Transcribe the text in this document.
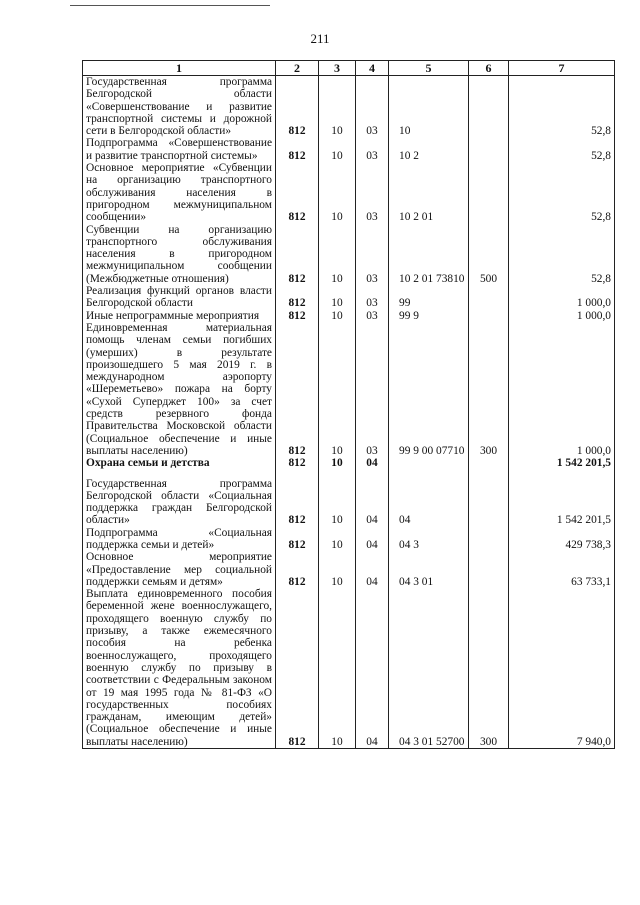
211
1	2	3	4	5	6	7
Государственная программа Белгородской области «Совершенствование и развитие транспортной системы и дорожной сети в Белгородской области»	812	10	03	10		52,8
Подпрограмма «Совершенствование и развитие транспортной системы»	812	10	03	10 2		52,8
Основное мероприятие «Субвенции на организацию транспортного обслуживания населения в пригородном межмуниципальном сообщении»	812	10	03	10 2 01		52,8
Субвенции на организацию транспортного обслуживания населения в пригородном межмуниципальном сообщении (Межбюджетные отношения)	812	10	03	10 2 01 73810	500	52,8
Реализация функций органов власти Белгородской области	812	10	03	99		1 000,0
Иные непрограммные мероприятия	812	10	03	99 9		1 000,0
Единовременная материальная помощь членам семьи погибших (умерших) в результате произошедшего 5 мая 2019 г. в международном аэропорту «Шереметьево» пожара на борту «Сухой Суперджет 100» за счет средств резервного фонда Правительства Московской области (Социальное обеспечение и иные выплаты населению)	812	10	03	99 9 00 07710	300	1 000,0
Охрана семьи и детства	812	10	04			1 542 201,5
Государственная программа Белгородской области «Социальная поддержка граждан Белгородской области»	812	10	04	04		1 542 201,5
Подпрограмма «Социальная поддержка семьи и детей»	812	10	04	04 3		429 738,3
Основное мероприятие «Предоставление мер социальной поддержки семьям и детям»	812	10	04	04 3 01		63 733,1
Выплата единовременного пособия беременной жене военнослужащего, проходящего военную службу по призыву, а также ежемесячного пособия на ребенка военнослужащего, проходящего военную службу по призыву в соответствии с Федеральным законом от 19 мая 1995 года № 81-ФЗ «О государственных пособиях гражданам, имеющим детей» (Социальное обеспечение и иные выплаты населению)	812	10	04	04 3 01 52700	300	7 940,0
